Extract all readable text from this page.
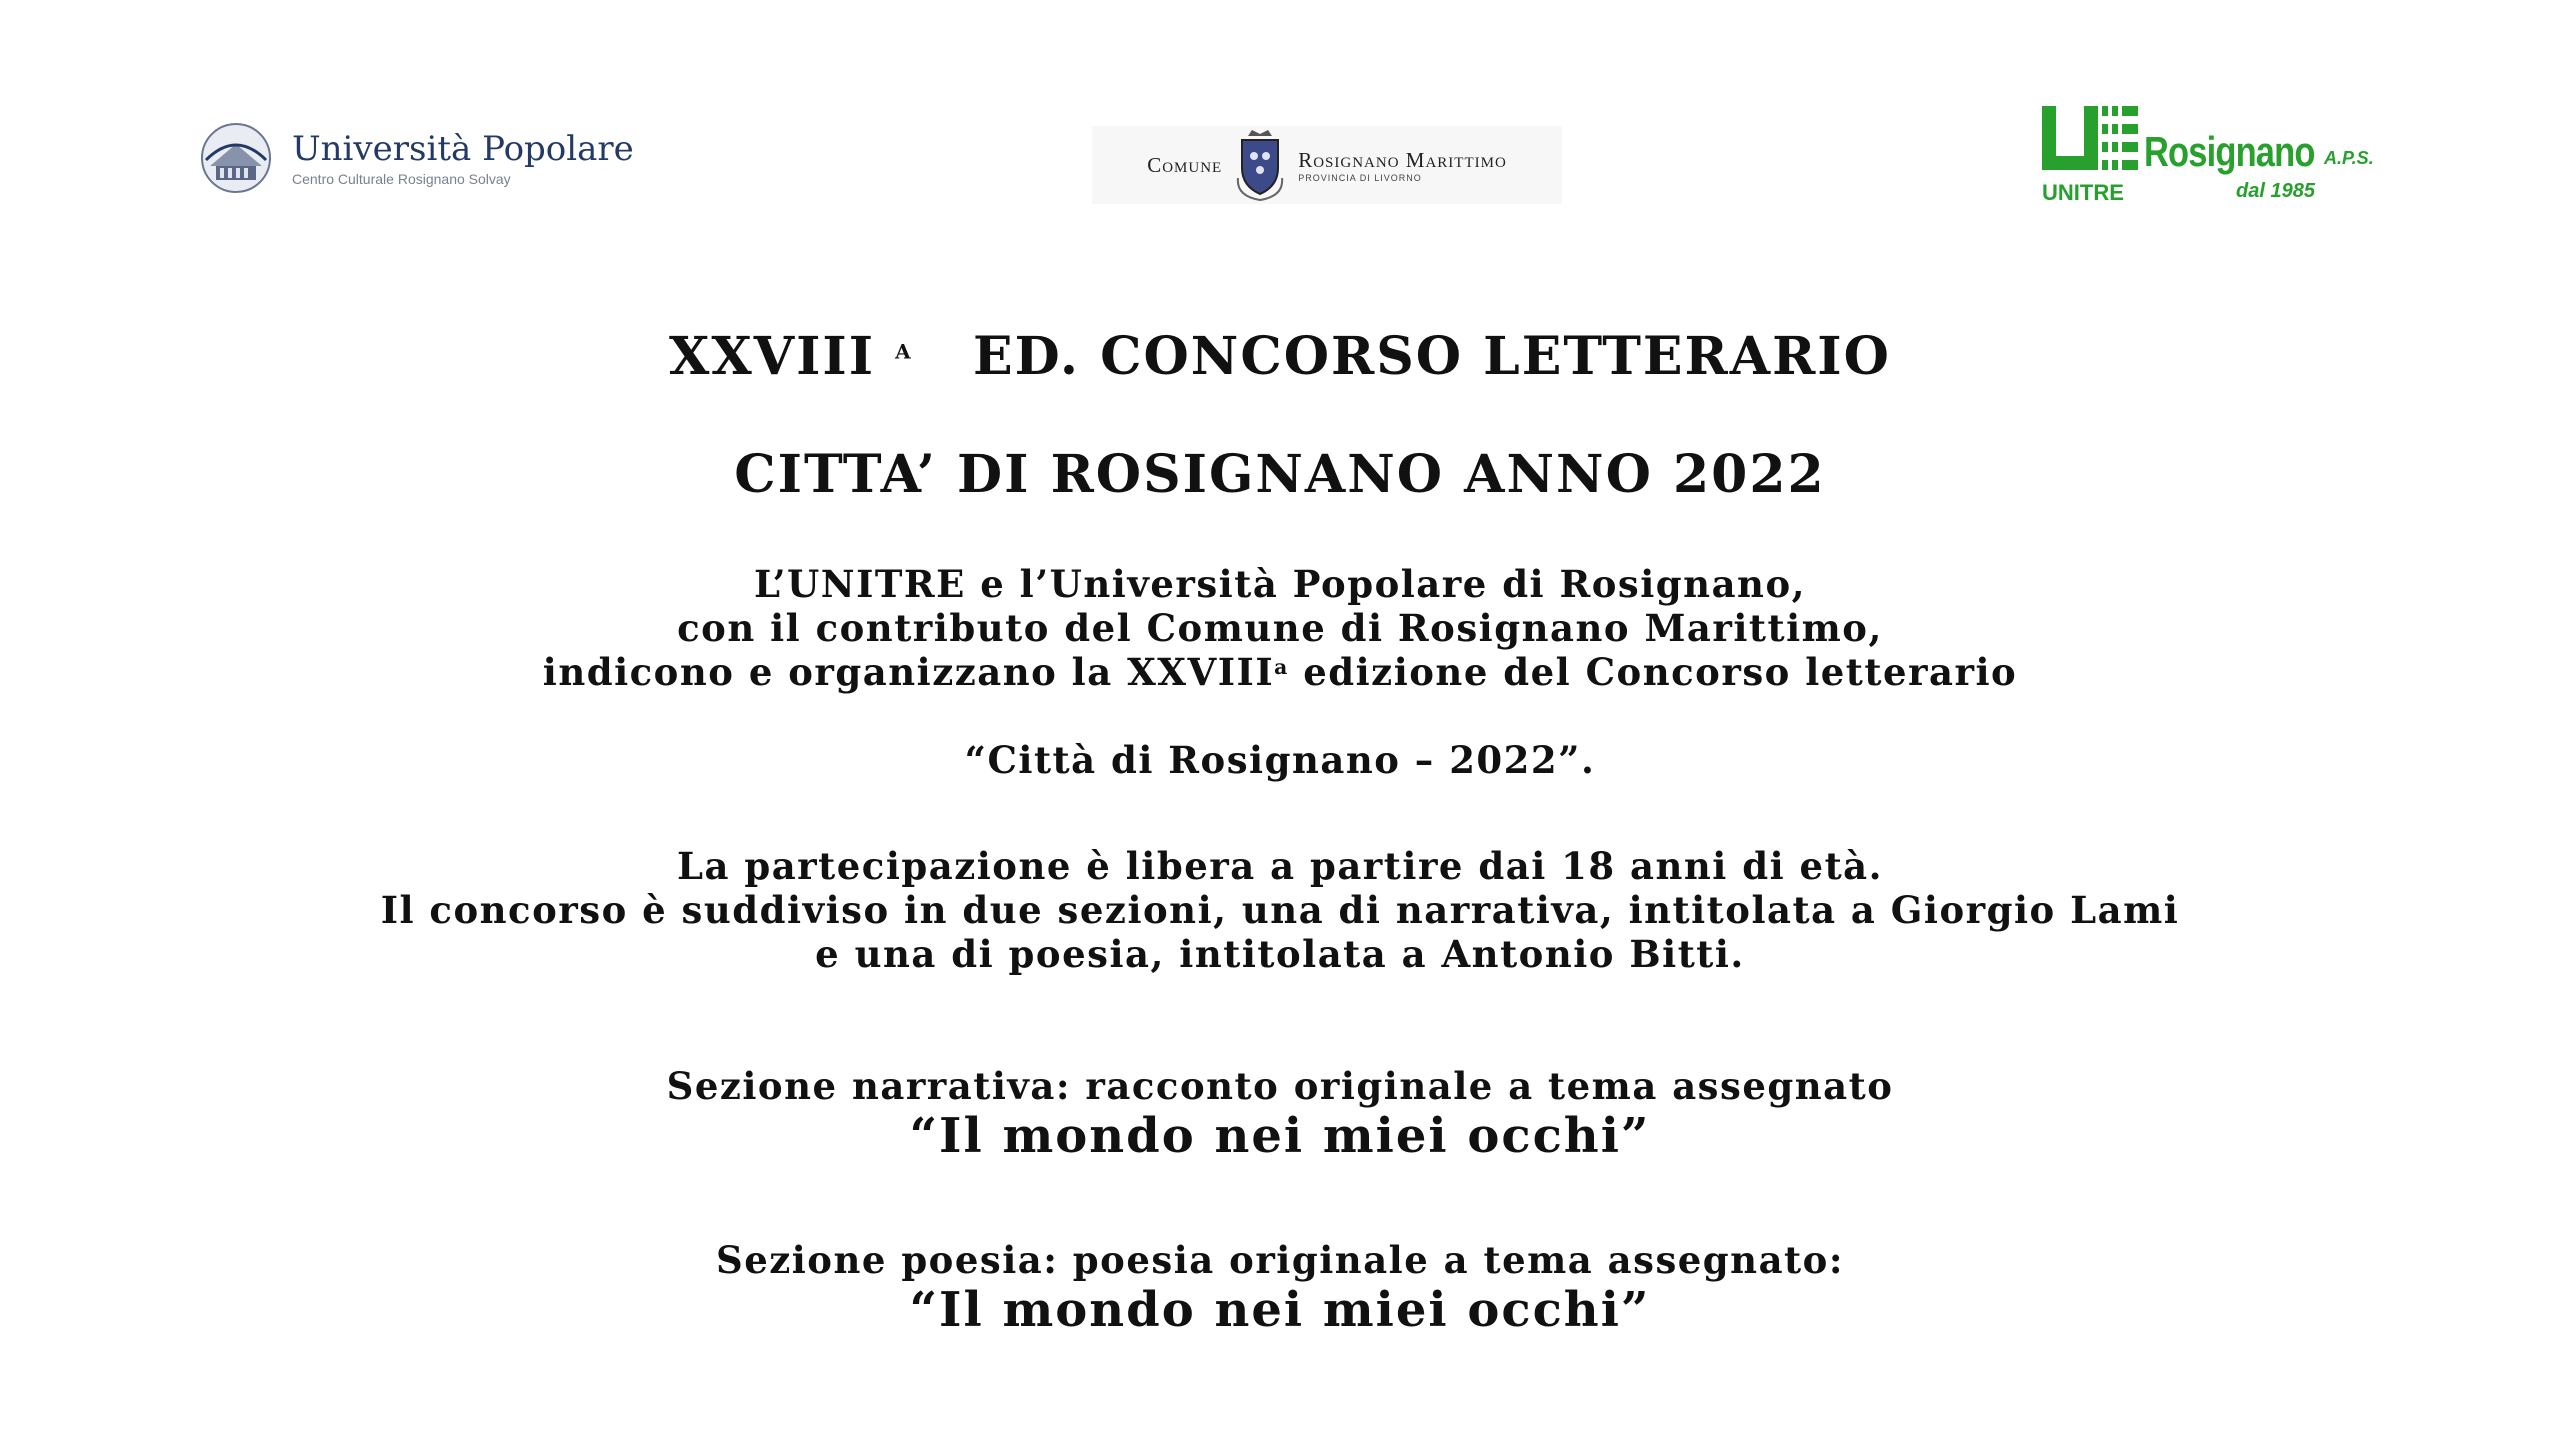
Università Popolare
Centro Culturale Rosignano Solvay
Comune	Rosignano Marittimo
PROVINCIA DI LIVORNO
Rosignano A.P.S.
UNITRE	dal 1985
XXVIII $^a$ ED. CONCORSO LETTERARIO
CITTA’ DI ROSIGNANO ANNO 2022
L’UNITRE e l’Università Popolare di Rosignano,
con il contributo del Comune di Rosignano Marittimo,
indicono e organizzano la XXVIII$^a$ edizione del Concorso letterario
“Città di Rosignano – 2022”.
La partecipazione è libera a partire dai 18 anni di età.
Il concorso è suddiviso in due sezioni, una di narrativa, intitolata a Giorgio Lami
e una di poesia, intitolata a Antonio Bitti.
Sezione narrativa: racconto originale a tema assegnato
“Il mondo nei miei occhi”
Sezione poesia: poesia originale a tema assegnato:
“Il mondo nei miei occhi”
